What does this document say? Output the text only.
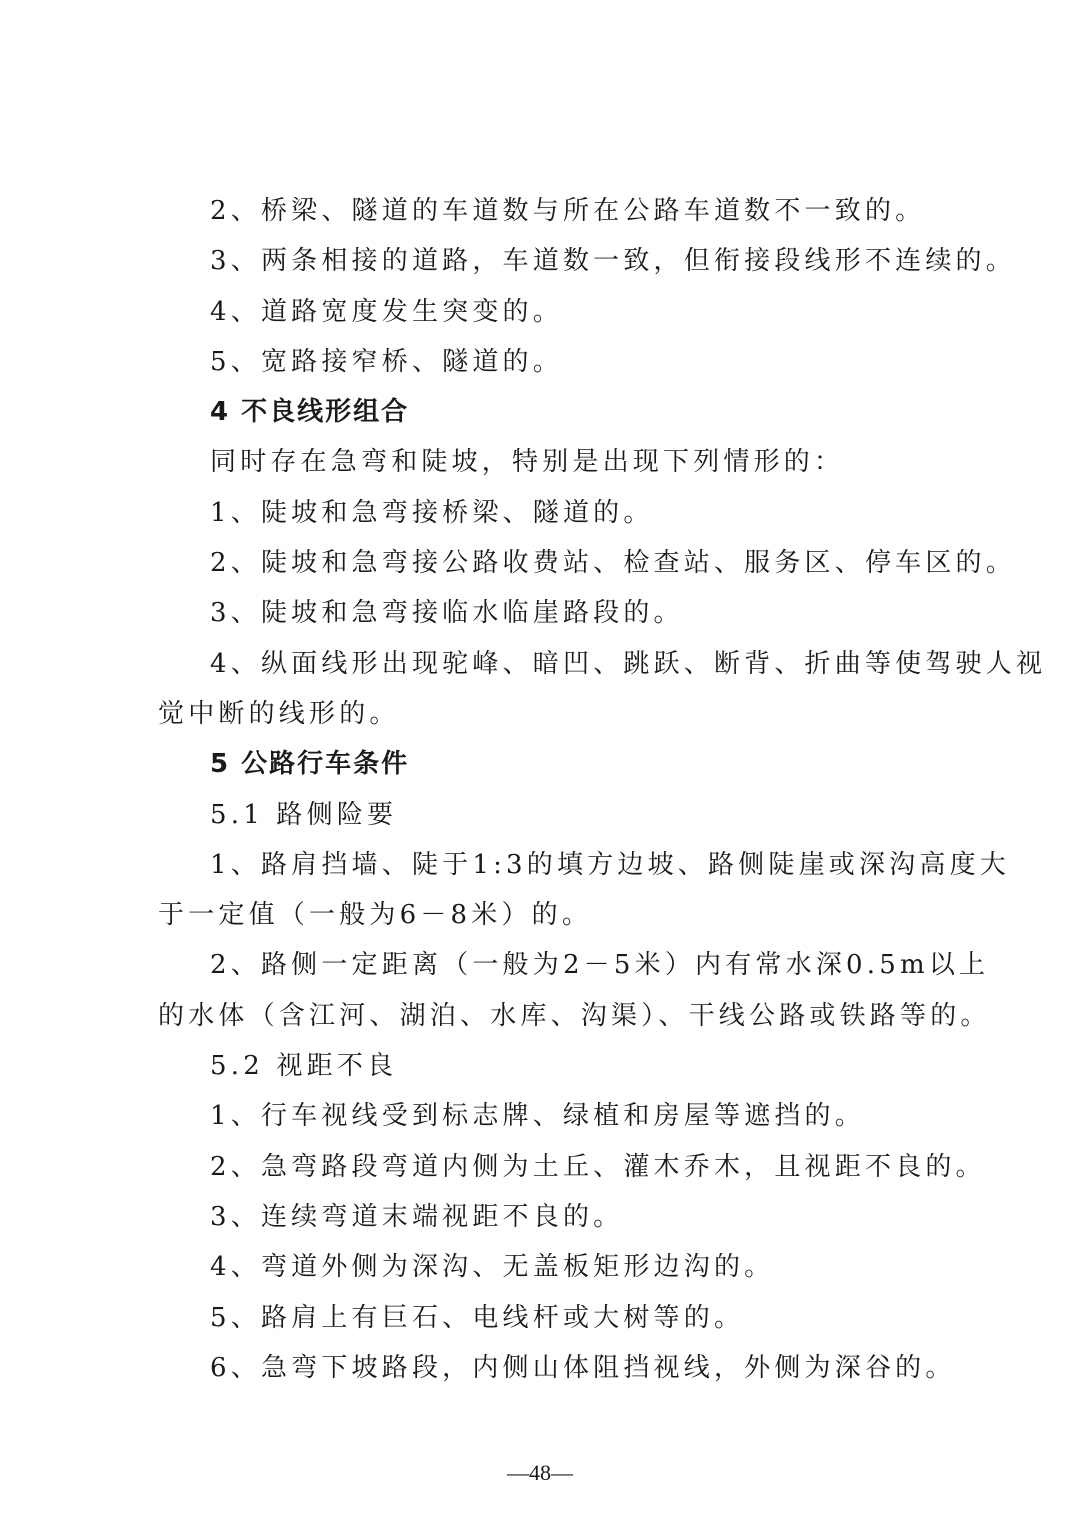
2、桥梁、隧道的车道数与所在公路车道数不一致的。
3、两条相接的道路，车道数一致，但衔接段线形不连续的。
4、道路宽度发生突变的。
5、宽路接窄桥、隧道的。
4 不良线形组合
同时存在急弯和陡坡，特别是出现下列情形的：
1、陡坡和急弯接桥梁、隧道的。
2、陡坡和急弯接公路收费站、检查站、服务区、停车区的。
3、陡坡和急弯接临水临崖路段的。
4、纵面线形出现驼峰、暗凹、跳跃、断背、折曲等使驾驶人视
觉中断的线形的。
5 公路行车条件
5.1 路侧险要
1、路肩挡墙、陡于1:3的填方边坡、路侧陡崖或深沟高度大
于一定值（一般为6－8米）的。
2、路侧一定距离（一般为2－5米）内有常水深0.5m以上
的水体（含江河、湖泊、水库、沟渠）、干线公路或铁路等的。
5.2 视距不良
1、行车视线受到标志牌、绿植和房屋等遮挡的。
2、急弯路段弯道内侧为土丘、灌木乔木，且视距不良的。
3、连续弯道末端视距不良的。
4、弯道外侧为深沟、无盖板矩形边沟的。
5、路肩上有巨石、电线杆或大树等的。
6、急弯下坡路段，内侧山体阻挡视线，外侧为深谷的。
—48—
